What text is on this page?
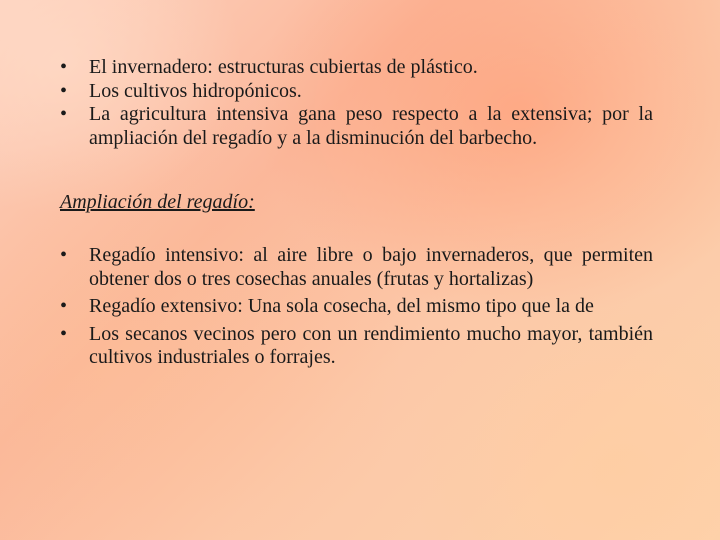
• El invernadero: estructuras cubiertas de plástico.
• Los cultivos hidropónicos.
• La agricultura intensiva gana peso respecto a la extensiva; por la ampliación del regadío y a la disminución del barbecho.
Ampliación del regadío:
• Regadío intensivo: al aire libre o bajo invernaderos, que permiten obtener dos o tres cosechas anuales (frutas y hortalizas)
• Regadío extensivo: Una sola cosecha, del mismo tipo que la de
• Los secanos vecinos pero con un rendimiento mucho mayor, también cultivos industriales o forrajes.
